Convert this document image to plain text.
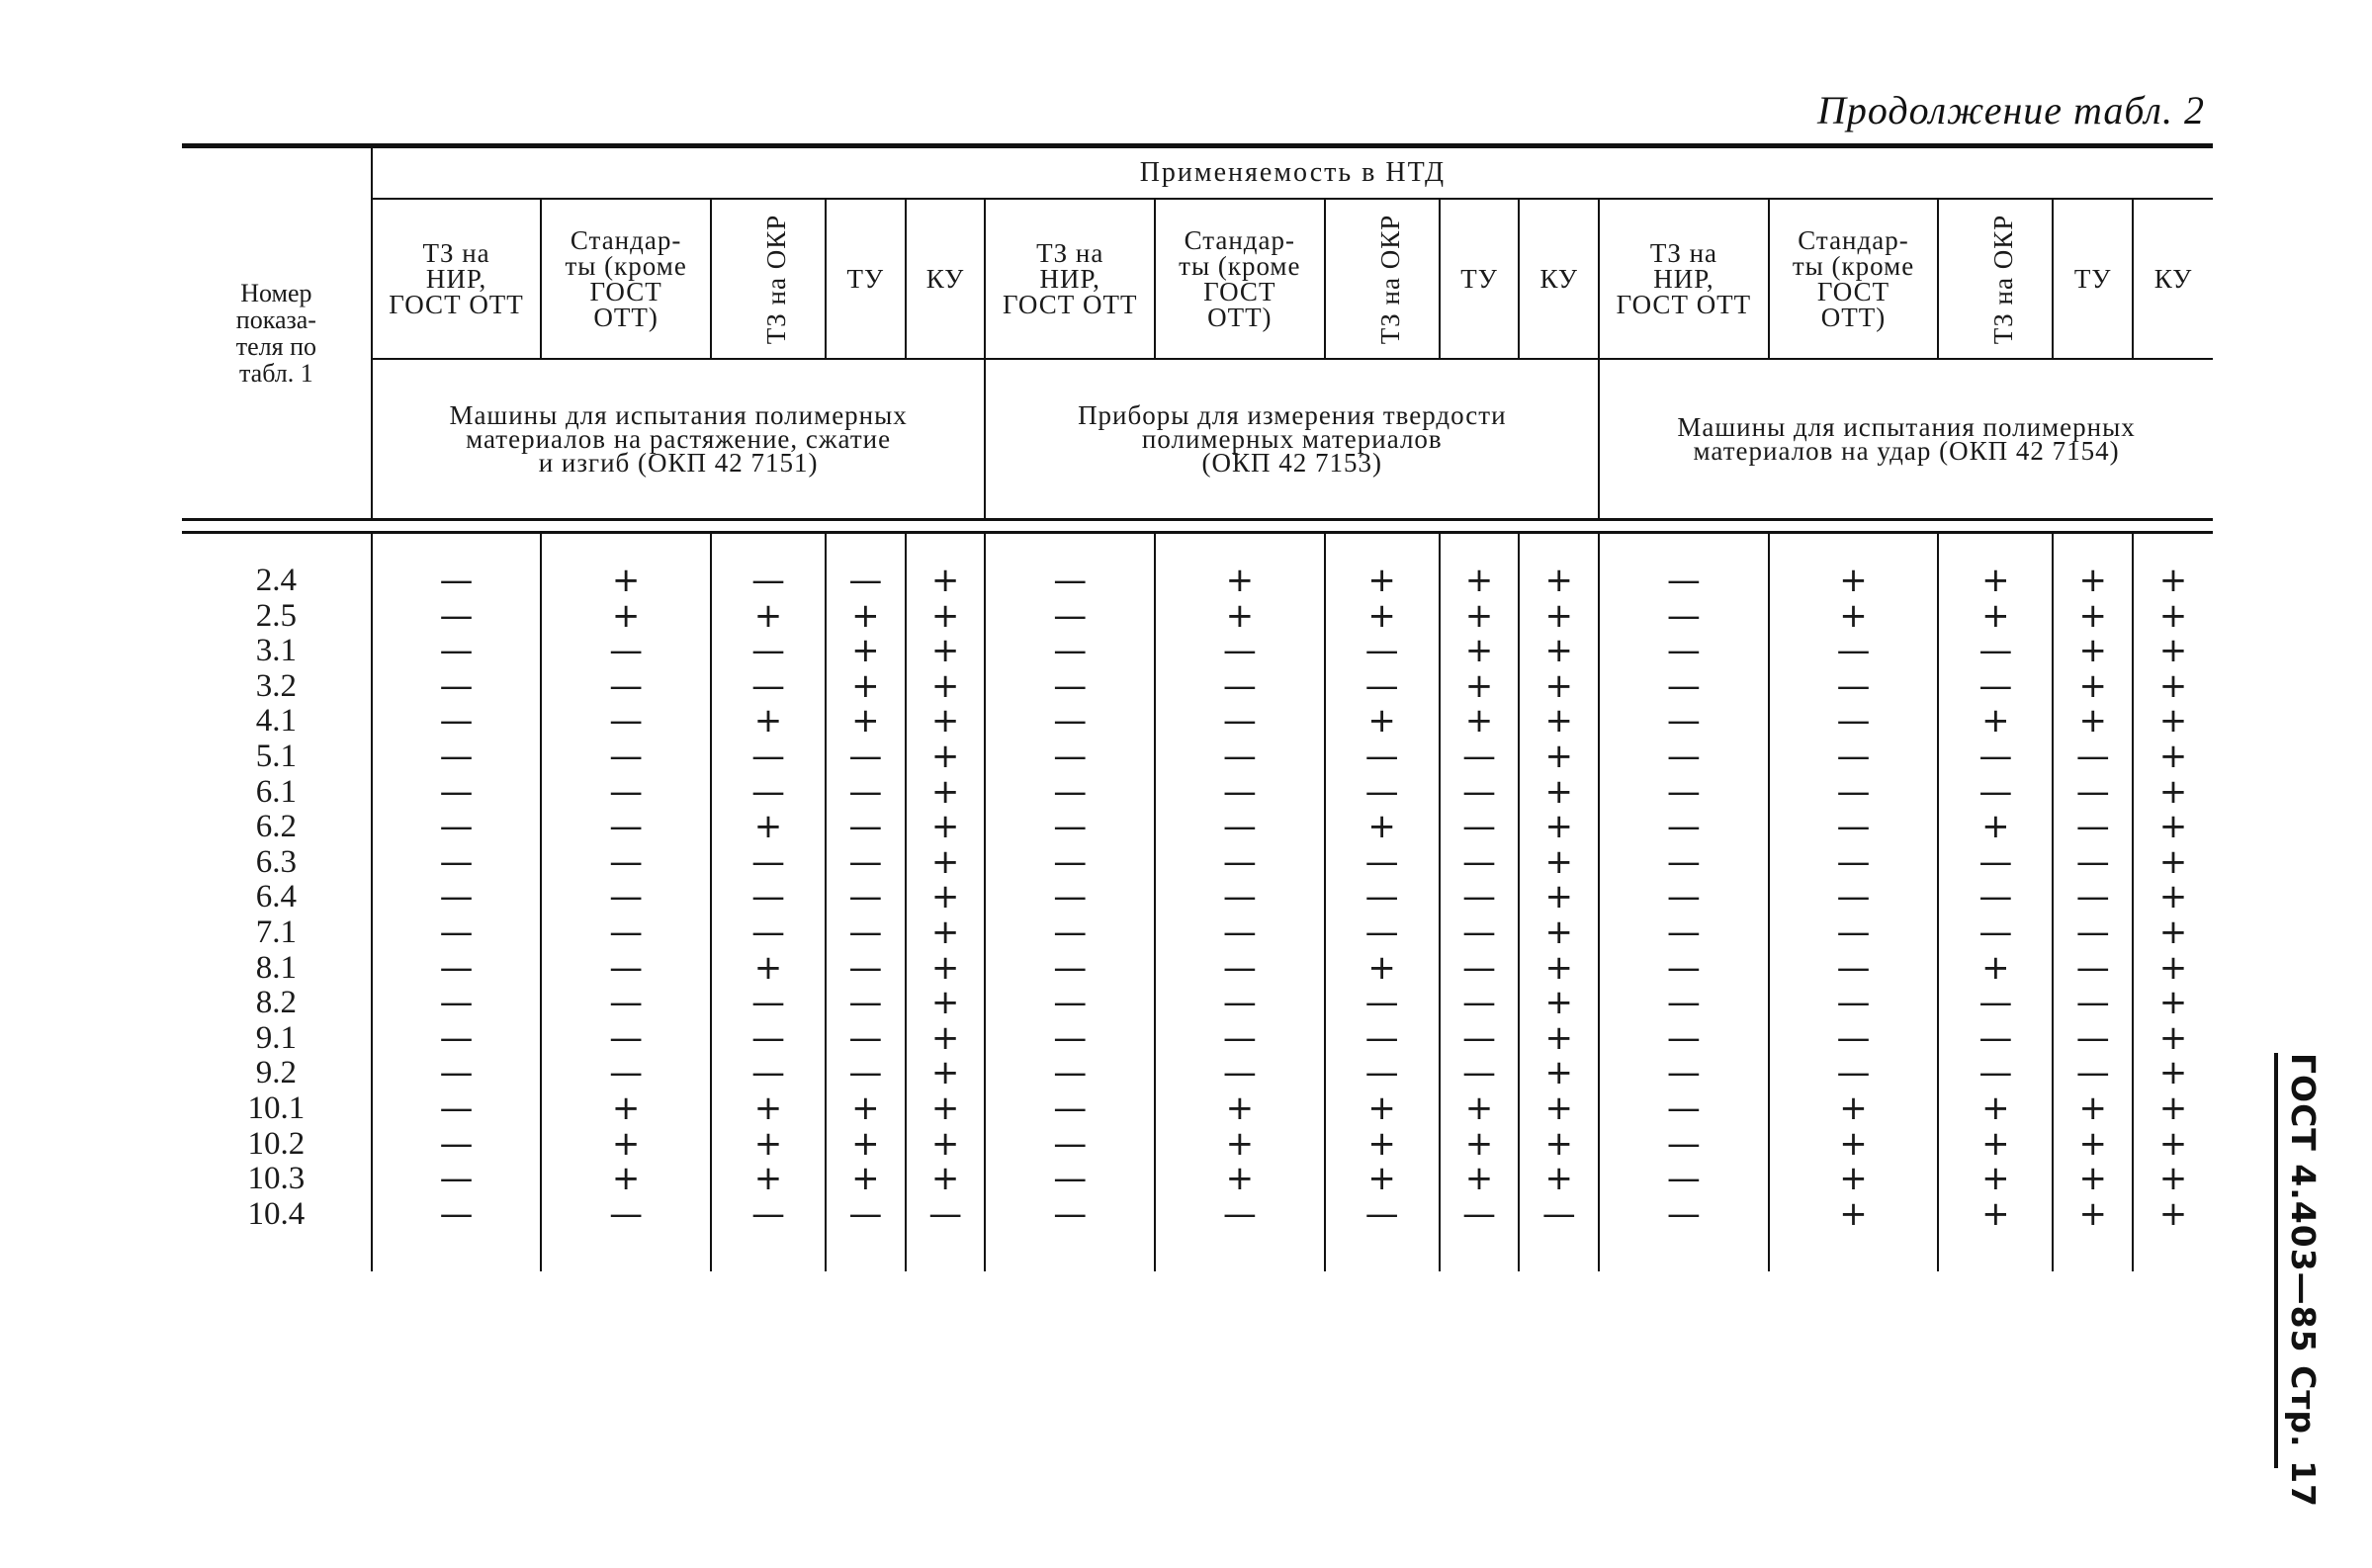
Продолжение табл. 2
ГОСТ 4.403—85 Стр. 17
Номер
показа-
теля по
табл. 1	Применяемость в НТД														

	ТЗ на
НИР,
ГОСТ ОТТ	Стандар-
ты (кроме
ГОСТ
ОТТ)	ТЗ на ОКР	ТУ	КУ	ТЗ на
НИР,
ГОСТ ОТТ	Стандар-
ты (кроме
ГОСТ
ОТТ)	ТЗ на ОКР	ТУ	КУ	ТЗ на
НИР,
ГОСТ ОТТ	Стандар-
ты (кроме
ГОСТ
ОТТ)	ТЗ на ОКР	ТУ	КУ

	Машины для испытания полимерных
материалов на растяжение, сжатие
и изгиб (ОКП 42 7151)					Приборы для измерения твердости
полимерных материалов
(ОКП 42 7153)					Машины для испытания полимерных
материалов на удар (ОКП 42 7154)				

2.4	—	+	—	—	+	—	+	+	+	+	—	+	+	+	+
2.5	—	+	+	+	+	—	+	+	+	+	—	+	+	+	+
3.1	—	—	—	+	+	—	—	—	+	+	—	—	—	+	+
3.2	—	—	—	+	+	—	—	—	+	+	—	—	—	+	+
4.1	—	—	+	+	+	—	—	+	+	+	—	—	+	+	+
5.1	—	—	—	—	+	—	—	—	—	+	—	—	—	—	+
6.1	—	—	—	—	+	—	—	—	—	+	—	—	—	—	+
6.2	—	—	+	—	+	—	—	+	—	+	—	—	+	—	+
6.3	—	—	—	—	+	—	—	—	—	+	—	—	—	—	+
6.4	—	—	—	—	+	—	—	—	—	+	—	—	—	—	+
7.1	—	—	—	—	+	—	—	—	—	+	—	—	—	—	+
8.1	—	—	+	—	+	—	—	+	—	+	—	—	+	—	+
8.2	—	—	—	—	+	—	—	—	—	+	—	—	—	—	+
9.1	—	—	—	—	+	—	—	—	—	+	—	—	—	—	+
9.2	—	—	—	—	+	—	—	—	—	+	—	—	—	—	+
10.1	—	+	+	+	+	—	+	+	+	+	—	+	+	+	+
10.2	—	+	+	+	+	—	+	+	+	+	—	+	+	+	+
10.3	—	+	+	+	+	—	+	+	+	+	—	+	+	+	+
10.4	—	—	—	—	—	—	—	—	—	—	—	+	+	+	+
